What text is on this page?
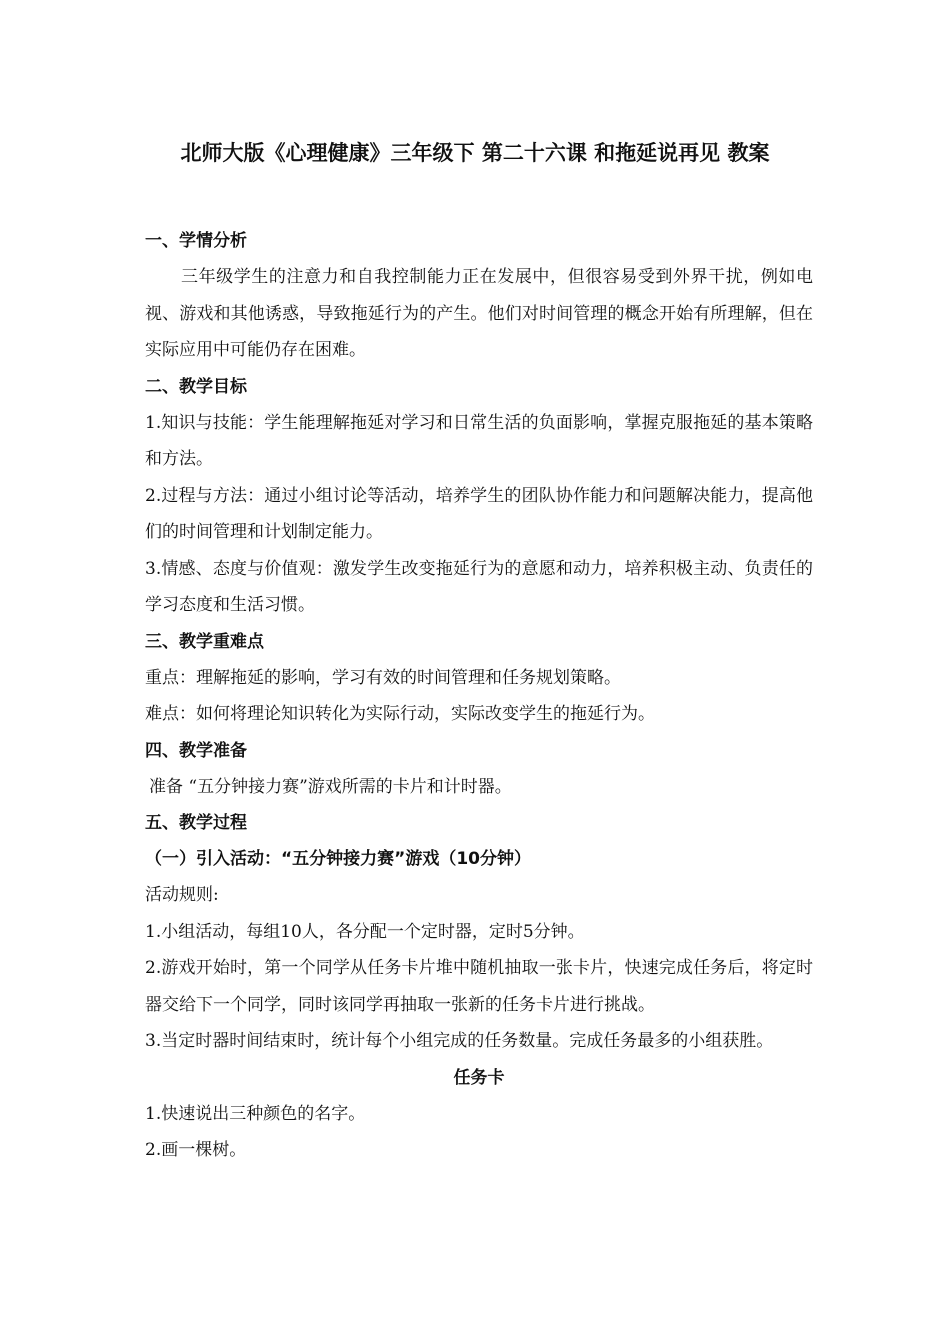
北师大版《心理健康》三年级下 第二十六课 和拖延说再见 教案
一、学情分析

三年级学生的注意力和自我控制能力正在发展中，但很容易受到外界干扰，例如电视、游戏和其他诱惑，导致拖延行为的产生。他们对时间管理的概念开始有所理解，但在实际应用中可能仍存在困难。

二、教学目标

1.知识与技能：学生能理解拖延对学习和日常生活的负面影响，掌握克服拖延的基本策略和方法。

2.过程与方法：通过小组讨论等活动，培养学生的团队协作能力和问题解决能力，提高他们的时间管理和计划制定能力。

3.情感、态度与价值观：激发学生改变拖延行为的意愿和动力，培养积极主动、负责任的学习态度和生活习惯。

三、教学重难点

重点：理解拖延的影响，学习有效的时间管理和任务规划策略。

难点：如何将理论知识转化为实际行动，实际改变学生的拖延行为。

四、教学准备

准备 “五分钟接力赛”游戏所需的卡片和计时器。

五、教学过程
（一）引入活动：“五分钟接力赛”游戏（10分钟）

活动规则:

1.小组活动，每组10人，各分配一个定时器，定时5分钟。

2.游戏开始时，第一个同学从任务卡片堆中随机抽取一张卡片，快速完成任务后，将定时器交给下一个同学，同时该同学再抽取一张新的任务卡片进行挑战。

3.当定时器时间结束时，统计每个小组完成的任务数量。完成任务最多的小组获胜。

任务卡

1.快速说出三种颜色的名字。

2.画一棵树。
